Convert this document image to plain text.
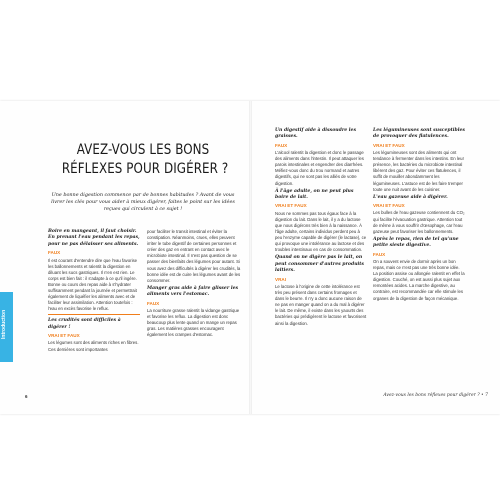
Introduction
AVEZ-VOUS LES BONS
RÉFLEXES POUR DIGÉRER ?
Une bonne digestion commence par de bonnes habitudes ? Avant de vous livrer les clés pour vous aider à mieux digérer, faites le point sur les idées reçues qui circulent à ce sujet !
Boire en mangeant, il faut choisir. En prenant l'eau pendant les repas, pour ne pas délaisser ses aliments.
FAUX

Il est courant d'entendre dire que l'eau favorise les ballonnements et ralentit la digestion en diluant les sucs gastriques. Il n'en est rien. Le corps est bien fait : il s'adapte à ce qu'il ingère. Bonne ou cours des repas aide à s'hydrater suffisamment pendant la journée et permettrait également de liquéfier les aliments avec et de faciliter leur assimilation. Attention toutefois : l'eau en excès favorise le reflux.

Les crudités sont difficiles à digérer !
VRAI ET FAUX

Les légumes sont des aliments riches en fibres. Ces dernières sont importantes

pour faciliter le transit intestinal et éviter la constipation. Néanmoins, crues, elles peuvent irriter le tube digestif de certaines personnes et créer des gaz en entrant en contact avec le microbiote intestinal. Il n'est pas question de se passer des bienfaits des légumes pour autant. Si vous avez des difficultés à digérer les crudités, la bonne idée est de cuire les légumes avant de les consommer.

Manger gras aide à faire glisser les aliments vers l'estomac.
FAUX

La nourriture grasse ralentit la vidange gastrique et favorise les reflux. La digestion est donc beaucoup plus lente quand on mange un repas gras. Les matières grasses encouragent également les crampes d'estomac.

Un digestif aide à dissoudre les graisses.
FAUX

L'alcool ralentit la digestion et donc le passage des aliments dans l'intestin. Il peut attaquer les parois intestinales et engendrer des diarrhées. Méfiez-vous donc du trou normand et autres digestifs, qui ne sont pas les alliés de votre digestion.

À l'âge adulte, on ne peut plus boire de lait.
VRAI ET FAUX

Nous ne sommes pas tous égaux face à la digestion du lait. Dans le lait, il y a du lactose que nous digérons très bien à la naissance. À l'âge adulte, certains individus perdent peu à peu l'enzyme capable de digérer (le lactase), ce qui provoque une intolérance au lactose et des troubles intestinaux en cas de consommation.

Quand on ne digère pas le lait, on peut consommer d'autres produits laitiers.
VRAI

Le lactose à l'origine de cette intolérance est très peu présent dans certains fromages et dans le beurre. Il n'y a donc aucune raison de ne pas en manger quand on a du mal à digérer le lait. De même, il existe dans les yaourts des bactéries qui prédigèrent le lactose et favorisent ainsi la digestion.

Les légumineuses sont susceptibles de provoquer des flatulences.
VRAI ET FAUX

Les légumineuses sont des aliments qui ont tendance à fermenter dans les intestins. En leur présence, les bactéries du microbiote intestinal libèrent des gaz. Pour éviter ces flatulences, il suffit de mouiller abondamment les légumineuses. L'astuce est de les faire tremper toute une nuit avant de les cuisiner.

L'eau gazeuse aide à digérer.
VRAI ET FAUX

Les bulles de l'eau gazeuse contiennent du CO₂ qui facilite l'évacuation gastrique. Attention tout de même à vous souffrir d'œsophage, car l'eau gazeuse peut favoriser les ballonnements.

Après le repas, rien de tel qu'une petite sieste digestive.
FAUX

On a souvent envie de dormir après un bon repas, mais ce n'est pas une très bonne idée. La position assise ou allongée ralentit en effet la digestion. Couché, on est aussi plus sujet aux remontées acides. La marche digestive, au contraire, est recommandée car elle stimule les organes de la digestion de façon mécanique.

6	Avez-vous les bons réflexes pour digérer ? • 7
